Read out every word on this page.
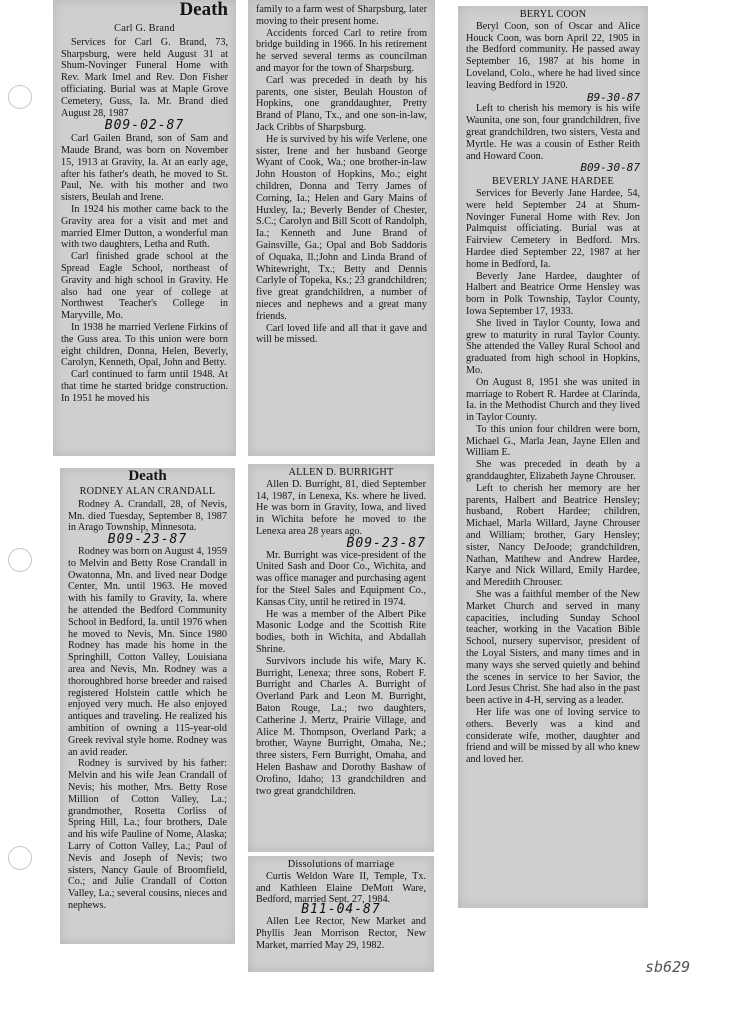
Death
Carl G. Brand

Services for Carl G. Brand, 73, Sharpsburg, were held August 31 at Shum-Novinger Funeral Home with Rev. Mark Imel and Rev. Don Fisher officiating. Burial was at Maple Grove Cemetery, Guss, Ia. Mr. Brand died August 28, 1987

B09-02-87

Carl Gailen Brand, son of Sam and Maude Brand, was born on November 15, 1913 at Gravity, Ia. At an early age, after his father's death, he moved to St. Paul, Ne. with his mother and two sisters, Beulah and Irene.

In 1924 his mother came back to the Gravity area for a visit and met and married Elmer Dutton, a wonderful man with two daughters, Letha and Ruth.

Carl finished grade school at the Spread Eagle School, northeast of Gravity and high school in Gravity. He also had one year of college at Northwest Teacher's College in Maryville, Mo.

In 1938 he married Verlene Firkins of the Guss area. To this union were born eight children, Donna, Helen, Beverly, Carolyn, Kenneth, Opal, John and Betty.

Carl continued to farm until 1948. At that time he started bridge construction. In 1951 he moved his

family to a farm west of Sharpsburg, later moving to their present home.

Accidents forced Carl to retire from bridge building in 1966. In his retirement he served several terms as councilman and mayor for the town of Sharpsburg.

Carl was preceded in death by his parents, one sister, Beulah Houston of Hopkins, one granddaughter, Pretty Brand of Plano, Tx., and one son-in-law, Jack Cribbs of Sharpsburg.

He is survived by his wife Verlene, one sister, Irene and her husband George Wyant of Cook, Wa.; one brother-in-law John Houston of Hopkins, Mo.; eight children, Donna and Terry James of Corning, Ia.; Helen and Gary Mains of Huxley, Ia.; Beverly Bender of Chester, S.C.; Carolyn and Bill Scott of Randolph, Ia.; Kenneth and June Brand of Gainsville, Ga.; Opal and Bob Saddoris of Oquaka, Il.;John and Linda Brand of Whitewright, Tx.; Betty and Dennis Carlyle of Topeka, Ks.; 23 grandchildren; five great grandchildren, a number of nieces and nephews and a great many friends.

Carl loved life and all that it gave and will be missed.

BERYL COON

Beryl Coon, son of Oscar and Alice Houck Coon, was born April 22, 1905 in the Bedford community. He passed away September 16, 1987 at his home in Loveland, Colo., where he had lived since leaving Bedford in 1920.

B9-30-87

Left to cherish his memory is his wife Waunita, one son, four grandchildren, five great grandchildren, two sisters, Vesta and Myrtle. He was a cousin of Esther Reith and Howard Coon.

B09-30-87
BEVERLY JANE HARDEE

Services for Beverly Jane Hardee, 54, were held September 24 at Shum-Novinger Funeral Home with Rev. Jon Palmquist officiating. Burial was at Fairview Cemetery in Bedford. Mrs. Hardee died September 22, 1987 at her home in Bedford, Ia.

Beverly Jane Hardee, daughter of Halbert and Beatrice Orme Hensley was born in Polk Township, Taylor County, Iowa September 17, 1933.

She lived in Taylor County, Iowa and grew to maturity in rural Taylor County. She attended the Valley Rural School and graduated from high school in Hopkins, Mo.

On August 8, 1951 she was united in marriage to Robert R. Hardee at Clarinda, Ia. in the Methodist Church and they lived in Taylor County.

To this union four children were born, Michael G., Marla Jean, Jayne Ellen and William E.

She was preceded in death by a granddaughter, Elizabeth Jayne Chrouser.

Left to cherish her memory are her parents, Halbert and Beatrice Hensley; husband, Robert Hardee; children, Michael, Marla Willard, Jayne Chrouser and William; brother, Gary Hensley; sister, Nancy DeJoode; grandchildren, Nathan, Matthew and Andrew Hardee, Karye and Nick Willard, Emily Hardee, and Meredith Chrouser.

She was a faithful member of the New Market Church and served in many capacities, including Sunday School teacher, working in the Vacation Bible School, nursery supervisor, president of the Loyal Sisters, and many times and in many ways she served quietly and behind the scenes in service to her Savior, the Lord Jesus Christ. She had also in the past been active in 4-H, serving as a leader.

Her life was one of loving service to others. Beverly was a kind and considerate wife, mother, daughter and friend and will be missed by all who knew and loved her.

Death
RODNEY ALAN CRANDALL

Rodney A. Crandall, 28, of Nevis, Mn. died Tuesday, September 8, 1987 in Arago Township, Minnesota.

B09-23-87

Rodney was born on August 4, 1959 to Melvin and Betty Rose Crandall in Owatonna, Mn. and lived near Dodge Center, Mn. until 1963. He moved with his family to Gravity, Ia. where he attended the Bedford Community School in Bedford, Ia. until 1976 when he moved to Nevis, Mn. Since 1980 Rodney has made his home in the Springhill, Cotton Valley, Louisiana area and Nevis, Mn. Rodney was a thoroughbred horse breeder and raised registered Holstein cattle which he enjoyed very much. He also enjoyed antiques and traveling. He realized his ambition of owning a 115-year-old Greek revival style home. Rodney was an avid reader.

Rodney is survived by his father: Melvin and his wife Jean Crandall of Nevis; his mother, Mrs. Betty Rose Million of Cotton Valley, La.; grandmother, Rosetta Corliss of Spring Hill, La.; four brothers, Dale and his wife Pauline of Nome, Alaska; Larry of Cotton Valley, La.; Paul of Nevis and Joseph of Nevis; two sisters, Nancy Gaule of Broomfield, Co.; and Julie Crandall of Cotton Valley, La.; several cousins, nieces and nephews.

ALLEN D. BURRIGHT

Allen D. Burright, 81, died September 14, 1987, in Lenexa, Ks. where he lived. He was born in Gravity, Iowa, and lived in Wichita before he moved to the Lenexa area 28 years ago.

B09-23-87

Mr. Burright was vice-president of the United Sash and Door Co., Wichita, and was office manager and purchasing agent for the Steel Sales and Equipment Co., Kansas City, until he retired in 1974.

He was a member of the Albert Pike Masonic Lodge and the Scottish Rite bodies, both in Wichita, and Abdallah Shrine.

Survivors include his wife, Mary K. Burright, Lenexa; three sons, Robert F. Burright and Charles A. Burright of Overland Park and Leon M. Burright, Baton Rouge, La.; two daughters, Catherine J. Mertz, Prairie Village, and Alice M. Thompson, Overland Park; a brother, Wayne Burright, Omaha, Ne.; three sisters, Fern Burright, Omaha, and Helen Bashaw and Dorothy Bashaw of Orofino, Idaho; 13 grandchildren and two great grandchildren.

Dissolutions of marriage

Curtis Weldon Ware II, Temple, Tx. and Kathleen Elaine DeMott Ware, Bedford, married Sept. 27, 1984.

B11-04-87

Allen Lee Rector, New Market and Phyllis Jean Morrison Rector, New Market, married May 29, 1982.

sb629
